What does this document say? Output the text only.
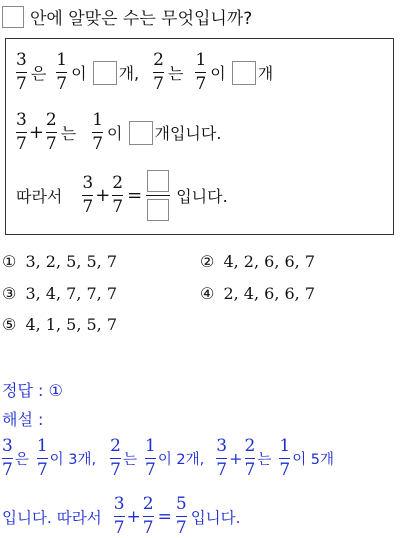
안에 알맞은 수는 무엇입니까?
$\frac{3}{7}$ 은 $\frac{1}{7}$ 이 개, $\frac{2}{7}$ 는 $\frac{1}{7}$ 이 개
$\frac{3}{7} + \frac{2}{7}$ 는 $\frac{1}{7}$ 이 개입니다.
따라서 $\frac{3}{7} + \frac{2}{7}$ = 입니다.
① 3, 2, 5, 5, 7	② 4, 2, 6, 6, 7
③ 3, 4, 7, 7, 7	④ 2, 4, 6, 6, 7
⑤ 4, 1, 5, 5, 7
정답 : ①
해설 :
$\frac{3}{7}$ 은 $\frac{1}{7}$ 이 3개, $\frac{2}{7}$ 는 $\frac{1}{7}$ 이 2개, $\frac{3}{7} + \frac{2}{7}$ 는 $\frac{1}{7}$ 이 5개
입니다. 따라서 $\frac{3}{7} + \frac{2}{7} = \frac{5}{7}$ 입니다.
